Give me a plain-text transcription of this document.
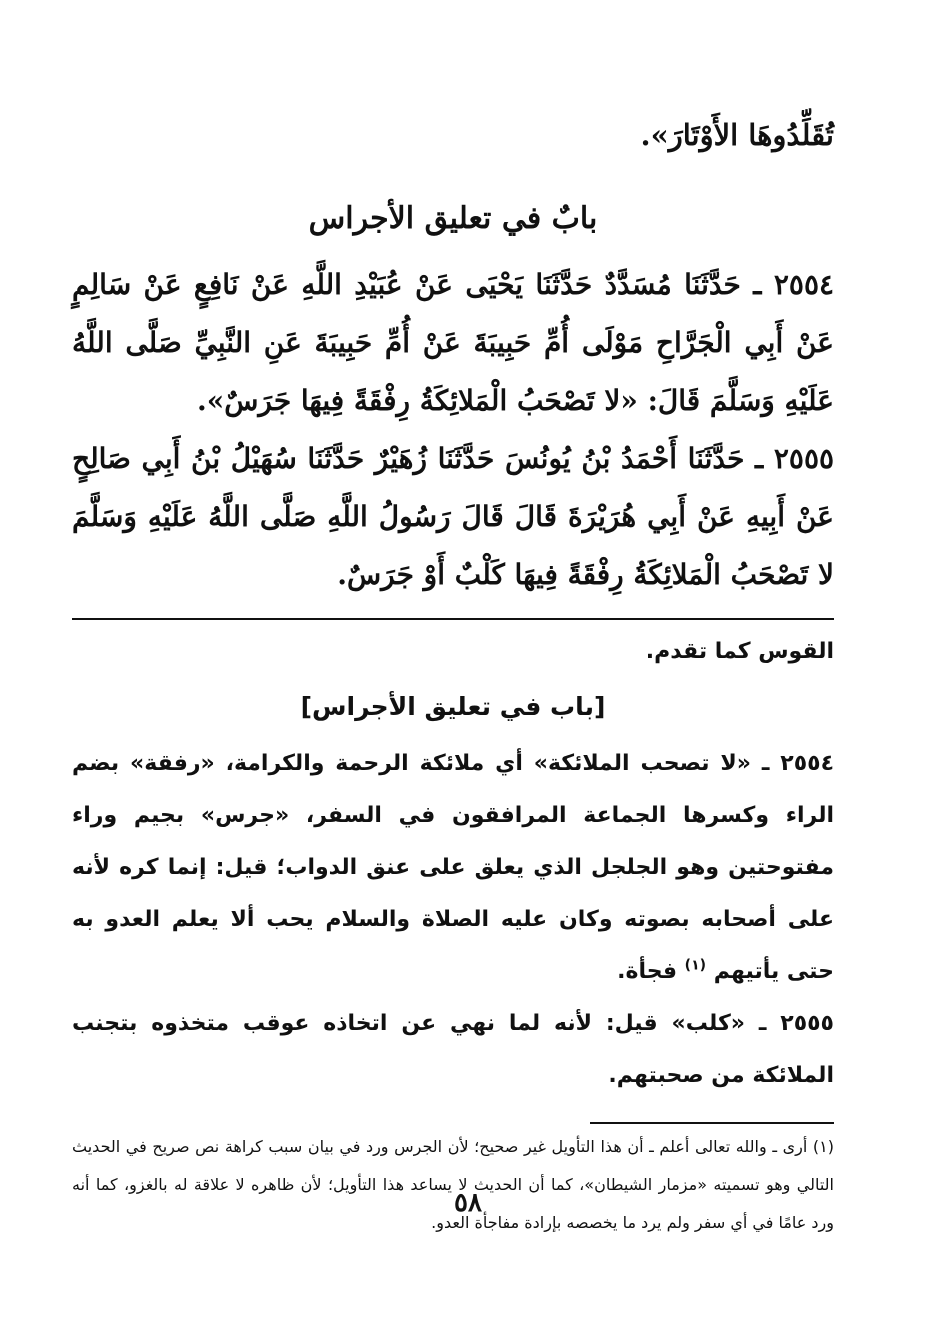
تُقَلِّدُوهَا الأَوْتَارَ».

بابٌ في تعليق الأجراس

٢٥٥٤ ـ حَدَّثَنَا مُسَدَّدٌ حَدَّثَنَا يَحْيَى عَنْ عُبَيْدِ اللَّهِ عَنْ نَافِعٍ عَنْ سَالِمٍ عَنْ أَبِي الْجَرَّاحِ مَوْلَى أُمِّ حَبِيبَةَ عَنْ أُمِّ حَبِيبَةَ عَنِ النَّبِيِّ صَلَّى اللَّهُ عَلَيْهِ وَسَلَّمَ قَالَ: «لا تَصْحَبُ الْمَلائِكَةُ رِفْقَةً فِيهَا جَرَسٌ».

٢٥٥٥ ـ حَدَّثَنَا أَحْمَدُ بْنُ يُونُسَ حَدَّثَنَا زُهَيْرٌ حَدَّثَنَا سُهَيْلُ بْنُ أَبِي صَالِحٍ عَنْ أَبِيهِ عَنْ أَبِي هُرَيْرَةَ قَالَ قَالَ رَسُولُ اللَّهِ صَلَّى اللَّهُ عَلَيْهِ وَسَلَّمَ لا تَصْحَبُ الْمَلائِكَةُ رِفْقَةً فِيهَا كَلْبٌ أَوْ جَرَسٌ.

القوس كما تقدم.

[باب في تعليق الأجراس]

٢٥٥٤ ـ «لا تصحب الملائكة» أي ملائكة الرحمة والكرامة، «رفقة» بضم الراء وكسرها الجماعة المرافقون في السفر، «جرس» بجيم وراء مفتوحتين وهو الجلجل الذي يعلق على عنق الدواب؛ قيل: إنما كره لأنه على أصحابه بصوته وكان عليه الصلاة والسلام يحب ألا يعلم العدو به حتى يأتيهم $^{(١)}$ فجأة.

٢٥٥٥ ـ «كلب» قيل: لأنه لما نهي عن اتخاذه عوقب متخذوه بتجنب الملائكة من صحبتهم.

(١) أرى ـ والله تعالى أعلم ـ أن هذا التأويل غير صحيح؛ لأن الجرس ورد في بيان سبب كراهة نص صريح في الحديث التالي وهو تسميته «مزمار الشيطان»، كما أن الحديث لا يساعد هذا التأويل؛ لأن ظاهره لا علاقة له بالغزو، كما أنه ورد عامًا في أي سفر ولم يرد ما يخصصه بإرادة مفاجأة العدو.

٥٨
